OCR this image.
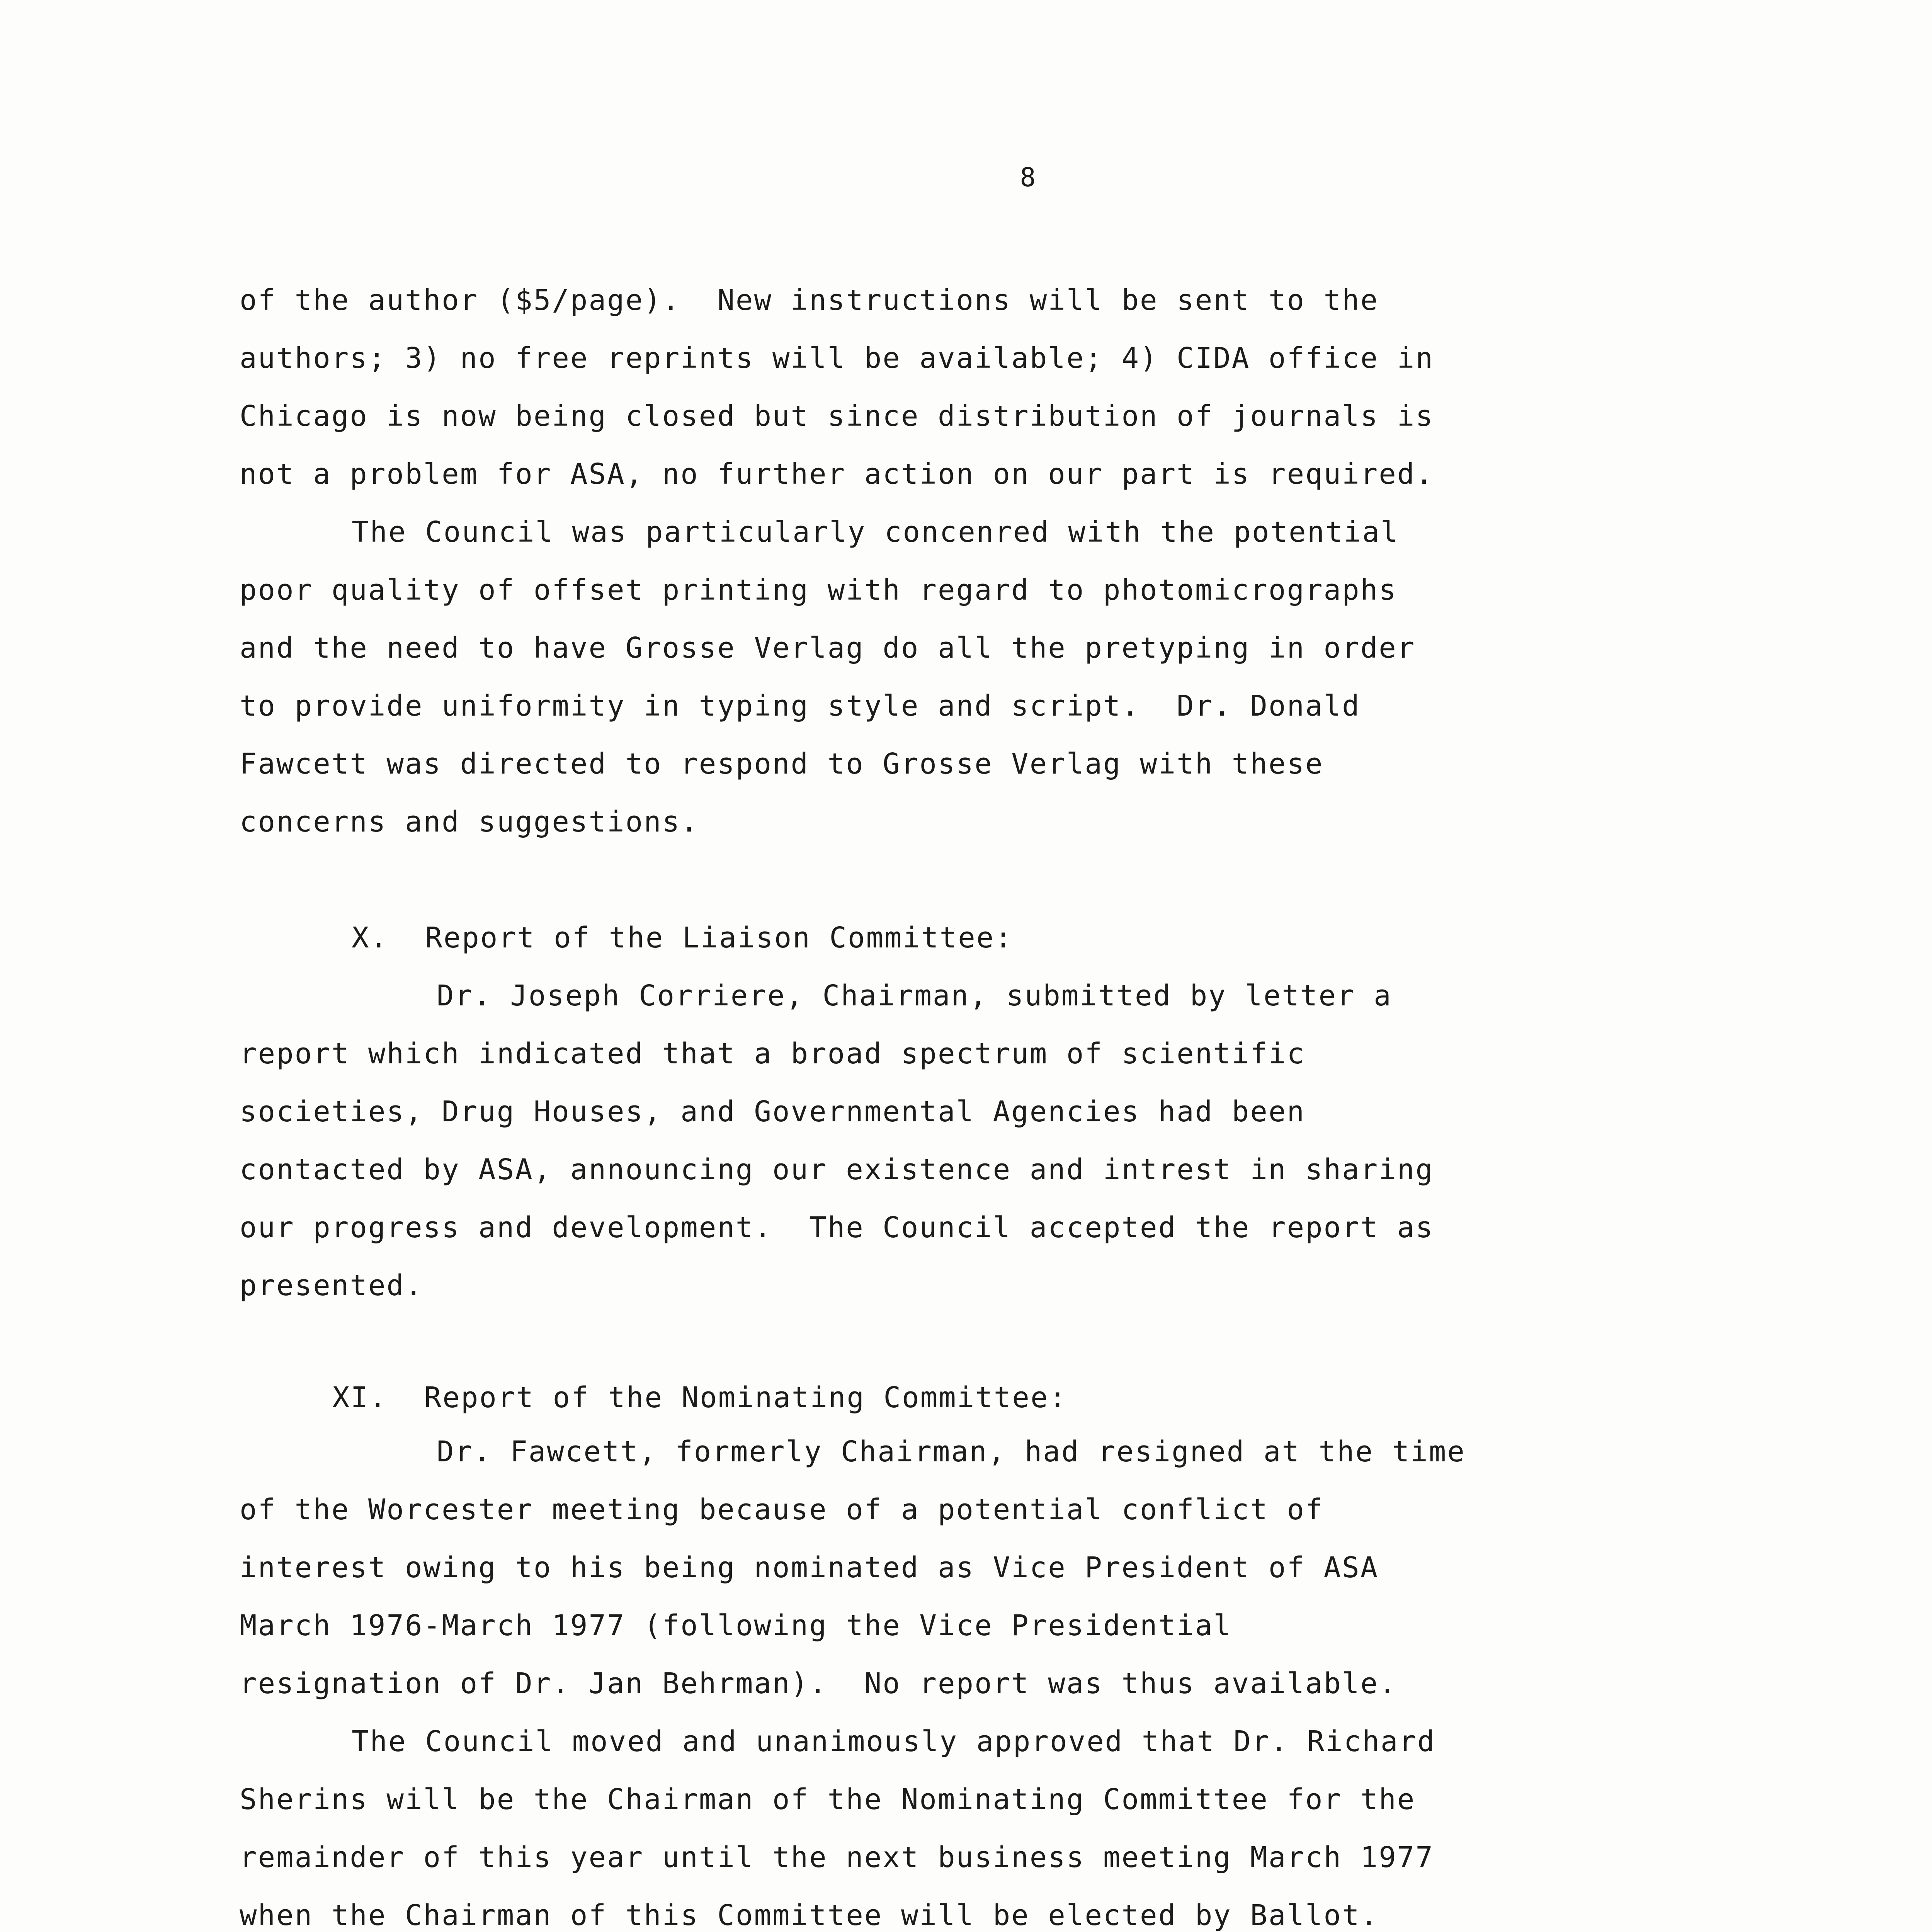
8
of the author ($5/page).  New instructions will be sent to the
authors; 3) no free reprints will be available; 4) CIDA office in
Chicago is now being closed but since distribution of journals is
not a problem for ASA, no further action on our part is required.
The Council was particularly concenred with the potential
poor quality of offset printing with regard to photomicrographs
and the need to have Grosse Verlag do all the pretyping in order
to provide uniformity in typing style and script.  Dr. Donald
Fawcett was directed to respond to Grosse Verlag with these
concerns and suggestions.
X.  Report of the Liaison Committee:
Dr. Joseph Corriere, Chairman, submitted by letter a
report which indicated that a broad spectrum of scientific
societies, Drug Houses, and Governmental Agencies had been
contacted by ASA, announcing our existence and intrest in sharing
our progress and development.  The Council accepted the report as
presented.
XI.  Report of the Nominating Committee:
Dr. Fawcett, formerly Chairman, had resigned at the time
of the Worcester meeting because of a potential conflict of
interest owing to his being nominated as Vice President of ASA
March 1976-March 1977 (following the Vice Presidential
resignation of Dr. Jan Behrman).  No report was thus available.
The Council moved and unanimously approved that Dr. Richard
Sherins will be the Chairman of the Nominating Committee for the
remainder of this year until the next business meeting March 1977
when the Chairman of this Committee will be elected by Ballot.
